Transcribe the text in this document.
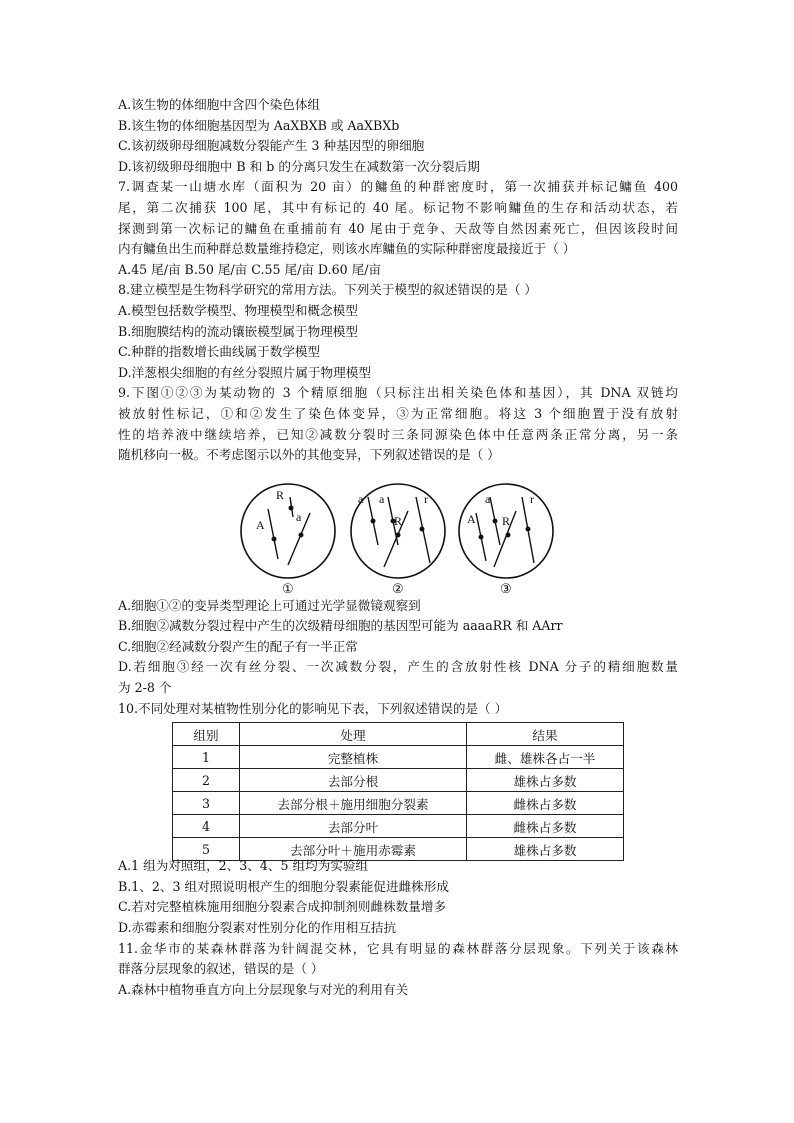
A.该生物的体细胞中含四个染色体组
B.该生物的体细胞基因型为 AaXBXB 或 AaXBXb
C.该初级卵母细胞减数分裂能产生 3 种基因型的卵细胞
D.该初级卵母细胞中 B 和 b 的分离只发生在减数第一次分裂后期
7.调查某一山塘水库（面积为 20 亩）的鳙鱼的种群密度时，第一次捕获并标记鳙鱼 400
尾，第二次捕获 100 尾，其中有标记的 40 尾。标记物不影响鳙鱼的生存和活动状态，若
探测到第一次标记的鳙鱼在重捕前有 40 尾由于竞争、天敌等自然因素死亡，但因该段时间
内有鳙鱼出生而种群总数量维持稳定，则该水库鳙鱼的实际种群密度最接近于（ ）
A.45 尾/亩 B.50 尾/亩 C.55 尾/亩 D.60 尾/亩
8.建立模型是生物科学研究的常用方法。下列关于模型的叙述错误的是（ ）
A.模型包括数学模型、物理模型和概念模型
B.细胞膜结构的流动镶嵌模型属于物理模型
C.种群的指数增长曲线属于数学模型
D.洋葱根尖细胞的有丝分裂照片属于物理模型
9.下图①②③为某动物的 3 个精原细胞（只标注出相关染色体和基因），其 DNA 双链均
被放射性标记，①和②发生了染色体变异，③为正常细胞。将这 3 个细胞置于没有放射
性的培养液中继续培养，已知②减数分裂时三条同源染色体中任意两条正常分离，另一条
随机移向一极。不考虑图示以外的其他变异，下列叙述错误的是（ ）
A.细胞①②的变异类型理论上可通过光学显微镜观察到
B.细胞②减数分裂过程中产生的次级精母细胞的基因型可能为 aaaaRR 和 AArr
C.细胞②经减数分裂产生的配子有一半正常
D.若细胞③经一次有丝分裂、一次减数分裂，产生的含放射性核 DNA 分子的精细胞数量
为 2-8 个
10.不同处理对某植物性别分化的影响见下表，下列叙述错误的是（ ）
A.1 组为对照组，2、3、4、5 组均为实验组
B.1、2、3 组对照说明根产生的细胞分裂素能促进雌株形成
C.若对完整植株施用细胞分裂素合成抑制剂则雌株数量增多
D.赤霉素和细胞分裂素对性别分化的作用相互拮抗
11.金华市的某森林群落为针阔混交林，它具有明显的森林群落分层现象。下列关于该森林
群落分层现象的叙述，错误的是（ ）
A.森林中植物垂直方向上分层现象与对光的利用有关
R
A
a
①
a a
R
r
②
a
A R
r
③
组别	处理	结果
1	完整植株	雌、雄株各占一半
2	去部分根	雄株占多数
3	去部分根＋施用细胞分裂素	雌株占多数
4	去部分叶	雌株占多数
5	去部分叶＋施用赤霉素	雄株占多数
